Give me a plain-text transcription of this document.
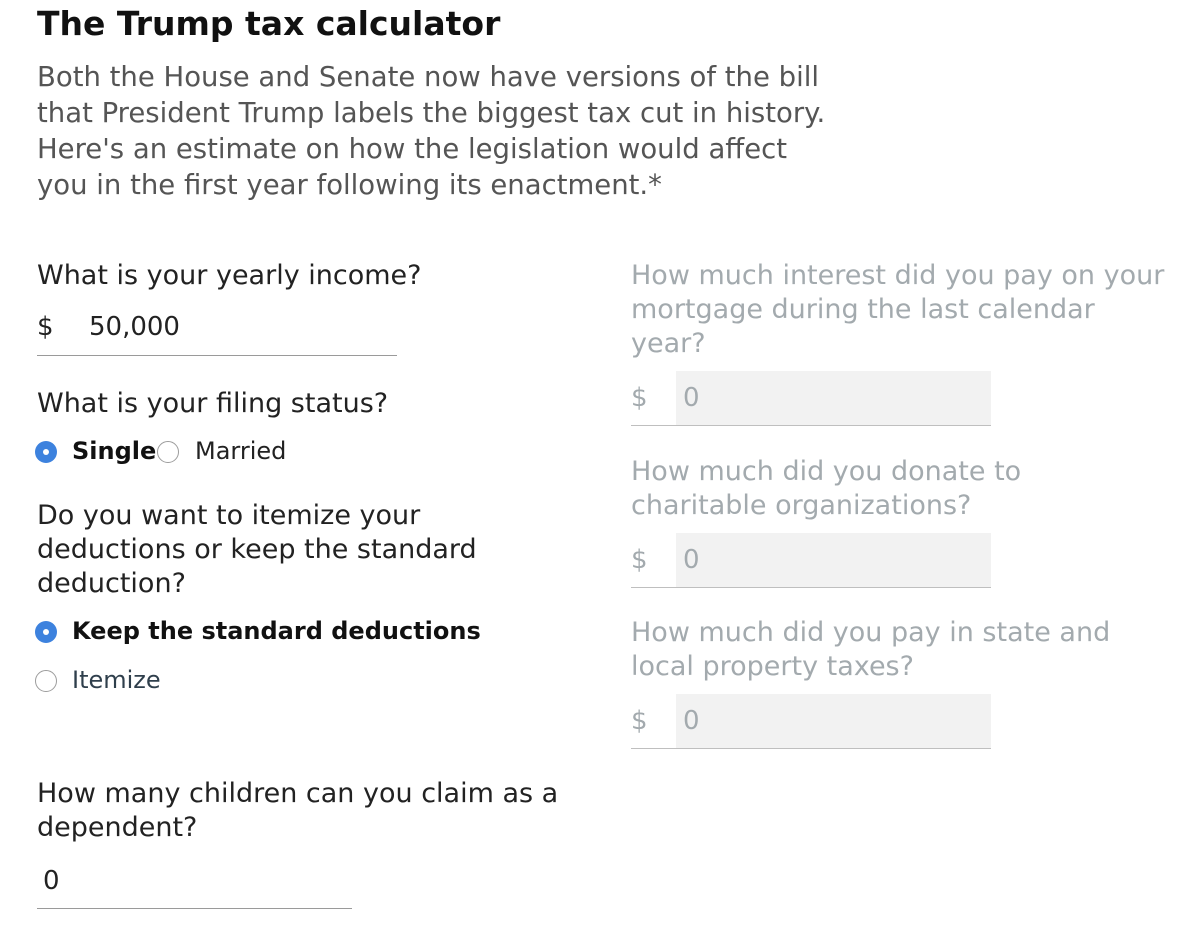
The Trump tax calculator
Both the House and Senate now have versions of the bill
that President Trump labels the biggest tax cut in history.
Here's an estimate on how the legislation would affect
you in the first year following its enactment.*
What is your yearly income?
$ 50,000
What is your filing status?
Single Married
Do you want to itemize your
deductions or keep the standard
deduction?
Keep the standard deductions
Itemize
How many children can you claim as a
dependent?
0
How much interest did you pay on your
mortgage during the last calendar
year?
$ 0
How much did you donate to
charitable organizations?
$ 0
How much did you pay in state and
local property taxes?
$ 0
